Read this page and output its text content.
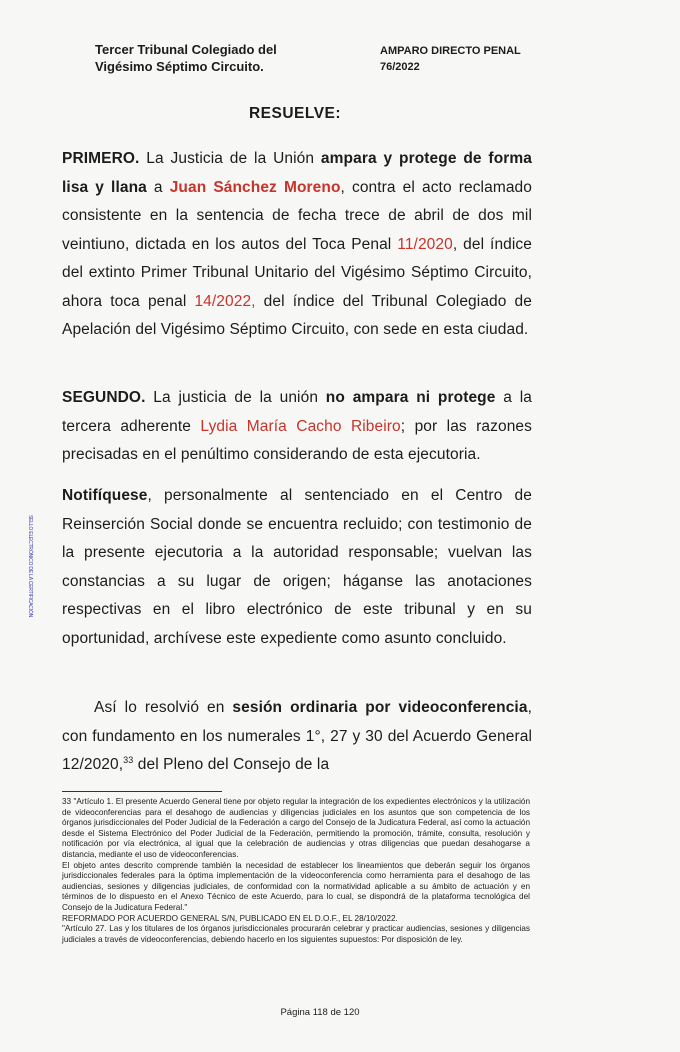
Tercer Tribunal Colegiado del
Vigésimo Séptimo Circuito.
AMPARO DIRECTO PENAL
76/2022
RESUELVE:
PRIMERO. La Justicia de la Unión ampara y protege de forma lisa y llana a Juan Sánchez Moreno, contra el acto reclamado consistente en la sentencia de fecha trece de abril de dos mil veintiuno, dictada en los autos del Toca Penal 11/2020, del índice del extinto Primer Tribunal Unitario del Vigésimo Séptimo Circuito, ahora toca penal 14/2022, del índice del Tribunal Colegiado de Apelación del Vigésimo Séptimo Circuito, con sede en esta ciudad.
SEGUNDO. La justicia de la unión no ampara ni protege a la tercera adherente Lydia María Cacho Ribeiro; por las razones precisadas en el penúltimo considerando de esta ejecutoria.
Notifíquese, personalmente al sentenciado en el Centro de Reinserción Social donde se encuentra recluido; con testimonio de la presente ejecutoria a la autoridad responsable; vuelvan las constancias a su lugar de origen; háganse las anotaciones respectivas en el libro electrónico de este tribunal y en su oportunidad, archívese este expediente como asunto concluido.
Así lo resolvió en sesión ordinaria por videoconferencia, con fundamento en los numerales 1°, 27 y 30 del Acuerdo General 12/2020,33 del Pleno del Consejo de la

33 "Artículo 1. El presente Acuerdo General tiene por objeto regular la integración de los expedientes electrónicos y la utilización de videoconferencias para el desahogo de audiencias y diligencias judiciales en los asuntos que son competencia de los órganos jurisdiccionales del Poder Judicial de la Federación a cargo del Consejo de la Judicatura Federal, así como la actuación desde el Sistema Electrónico del Poder Judicial de la Federación, permitiendo la promoción, trámite, consulta, resolución y notificación por vía electrónica, al igual que la celebración de audiencias y otras diligencias que puedan desahogarse a distancia, mediante el uso de videoconferencias.

El objeto antes descrito comprende también la necesidad de establecer los lineamientos que deberán seguir los órganos jurisdiccionales federales para la óptima implementación de la videoconferencia como herramienta para el desahogo de las audiencias, sesiones y diligencias judiciales, de conformidad con la normatividad aplicable a su ámbito de actuación y en términos de lo dispuesto en el Anexo Técnico de este Acuerdo, para lo cual, se dispondrá de la plataforma tecnológica del Consejo de la Judicatura Federal."

REFORMADO POR ACUERDO GENERAL S/N, PUBLICADO EN EL D.O.F., EL 28/10/2022.

"Artículo 27. Las y los titulares de los órganos jurisdiccionales procurarán celebrar y practicar audiencias, sesiones y diligencias judiciales a través de videoconferencias, debiendo hacerlo en los siguientes supuestos: Por disposición de ley.

Página 118 de 120
SELLO ELECTRÓNICO DE LA CERTIFICACIÓN
